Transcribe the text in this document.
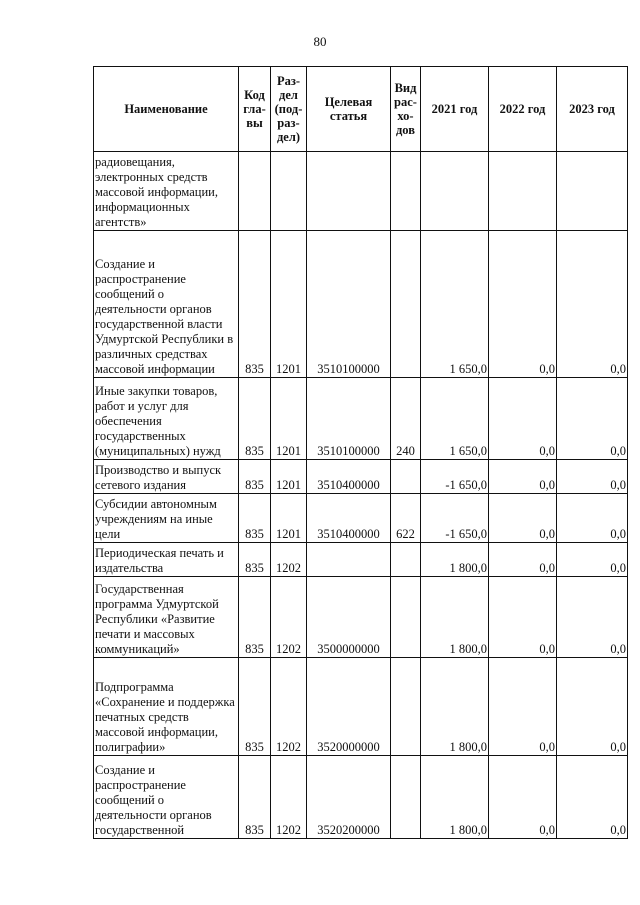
80
Наименование	Код гла- вы	Раз- дел (под- раз- дел)	Целевая статья	Вид рас- хо- дов	2021 год	2022 год	2023 год
радиовещания, электронных средств массовой информации, информационных агентств»							
Создание и распространение сообщений о деятельности органов государственной власти Удмуртской Республики в различных средствах массовой информации	835	1201	3510100000		1 650,0	0,0	0,0
Иные закупки товаров, работ и услуг для обеспечения государственных (муниципальных) нужд	835	1201	3510100000	240	1 650,0	0,0	0,0
Производство и выпуск сетевого издания	835	1201	3510400000		-1 650,0	0,0	0,0
Субсидии автономным учреждениям на иные цели	835	1201	3510400000	622	-1 650,0	0,0	0,0
Периодическая печать и издательства	835	1202			1 800,0	0,0	0,0
Государственная программа Удмуртской Республики «Развитие печати и массовых коммуникаций»	835	1202	3500000000		1 800,0	0,0	0,0
Подпрограмма «Сохранение и поддержка печатных средств массовой информации, полиграфии»	835	1202	3520000000		1 800,0	0,0	0,0
Создание и распространение сообщений о деятельности органов государственной	835	1202	3520200000		1 800,0	0,0	0,0
